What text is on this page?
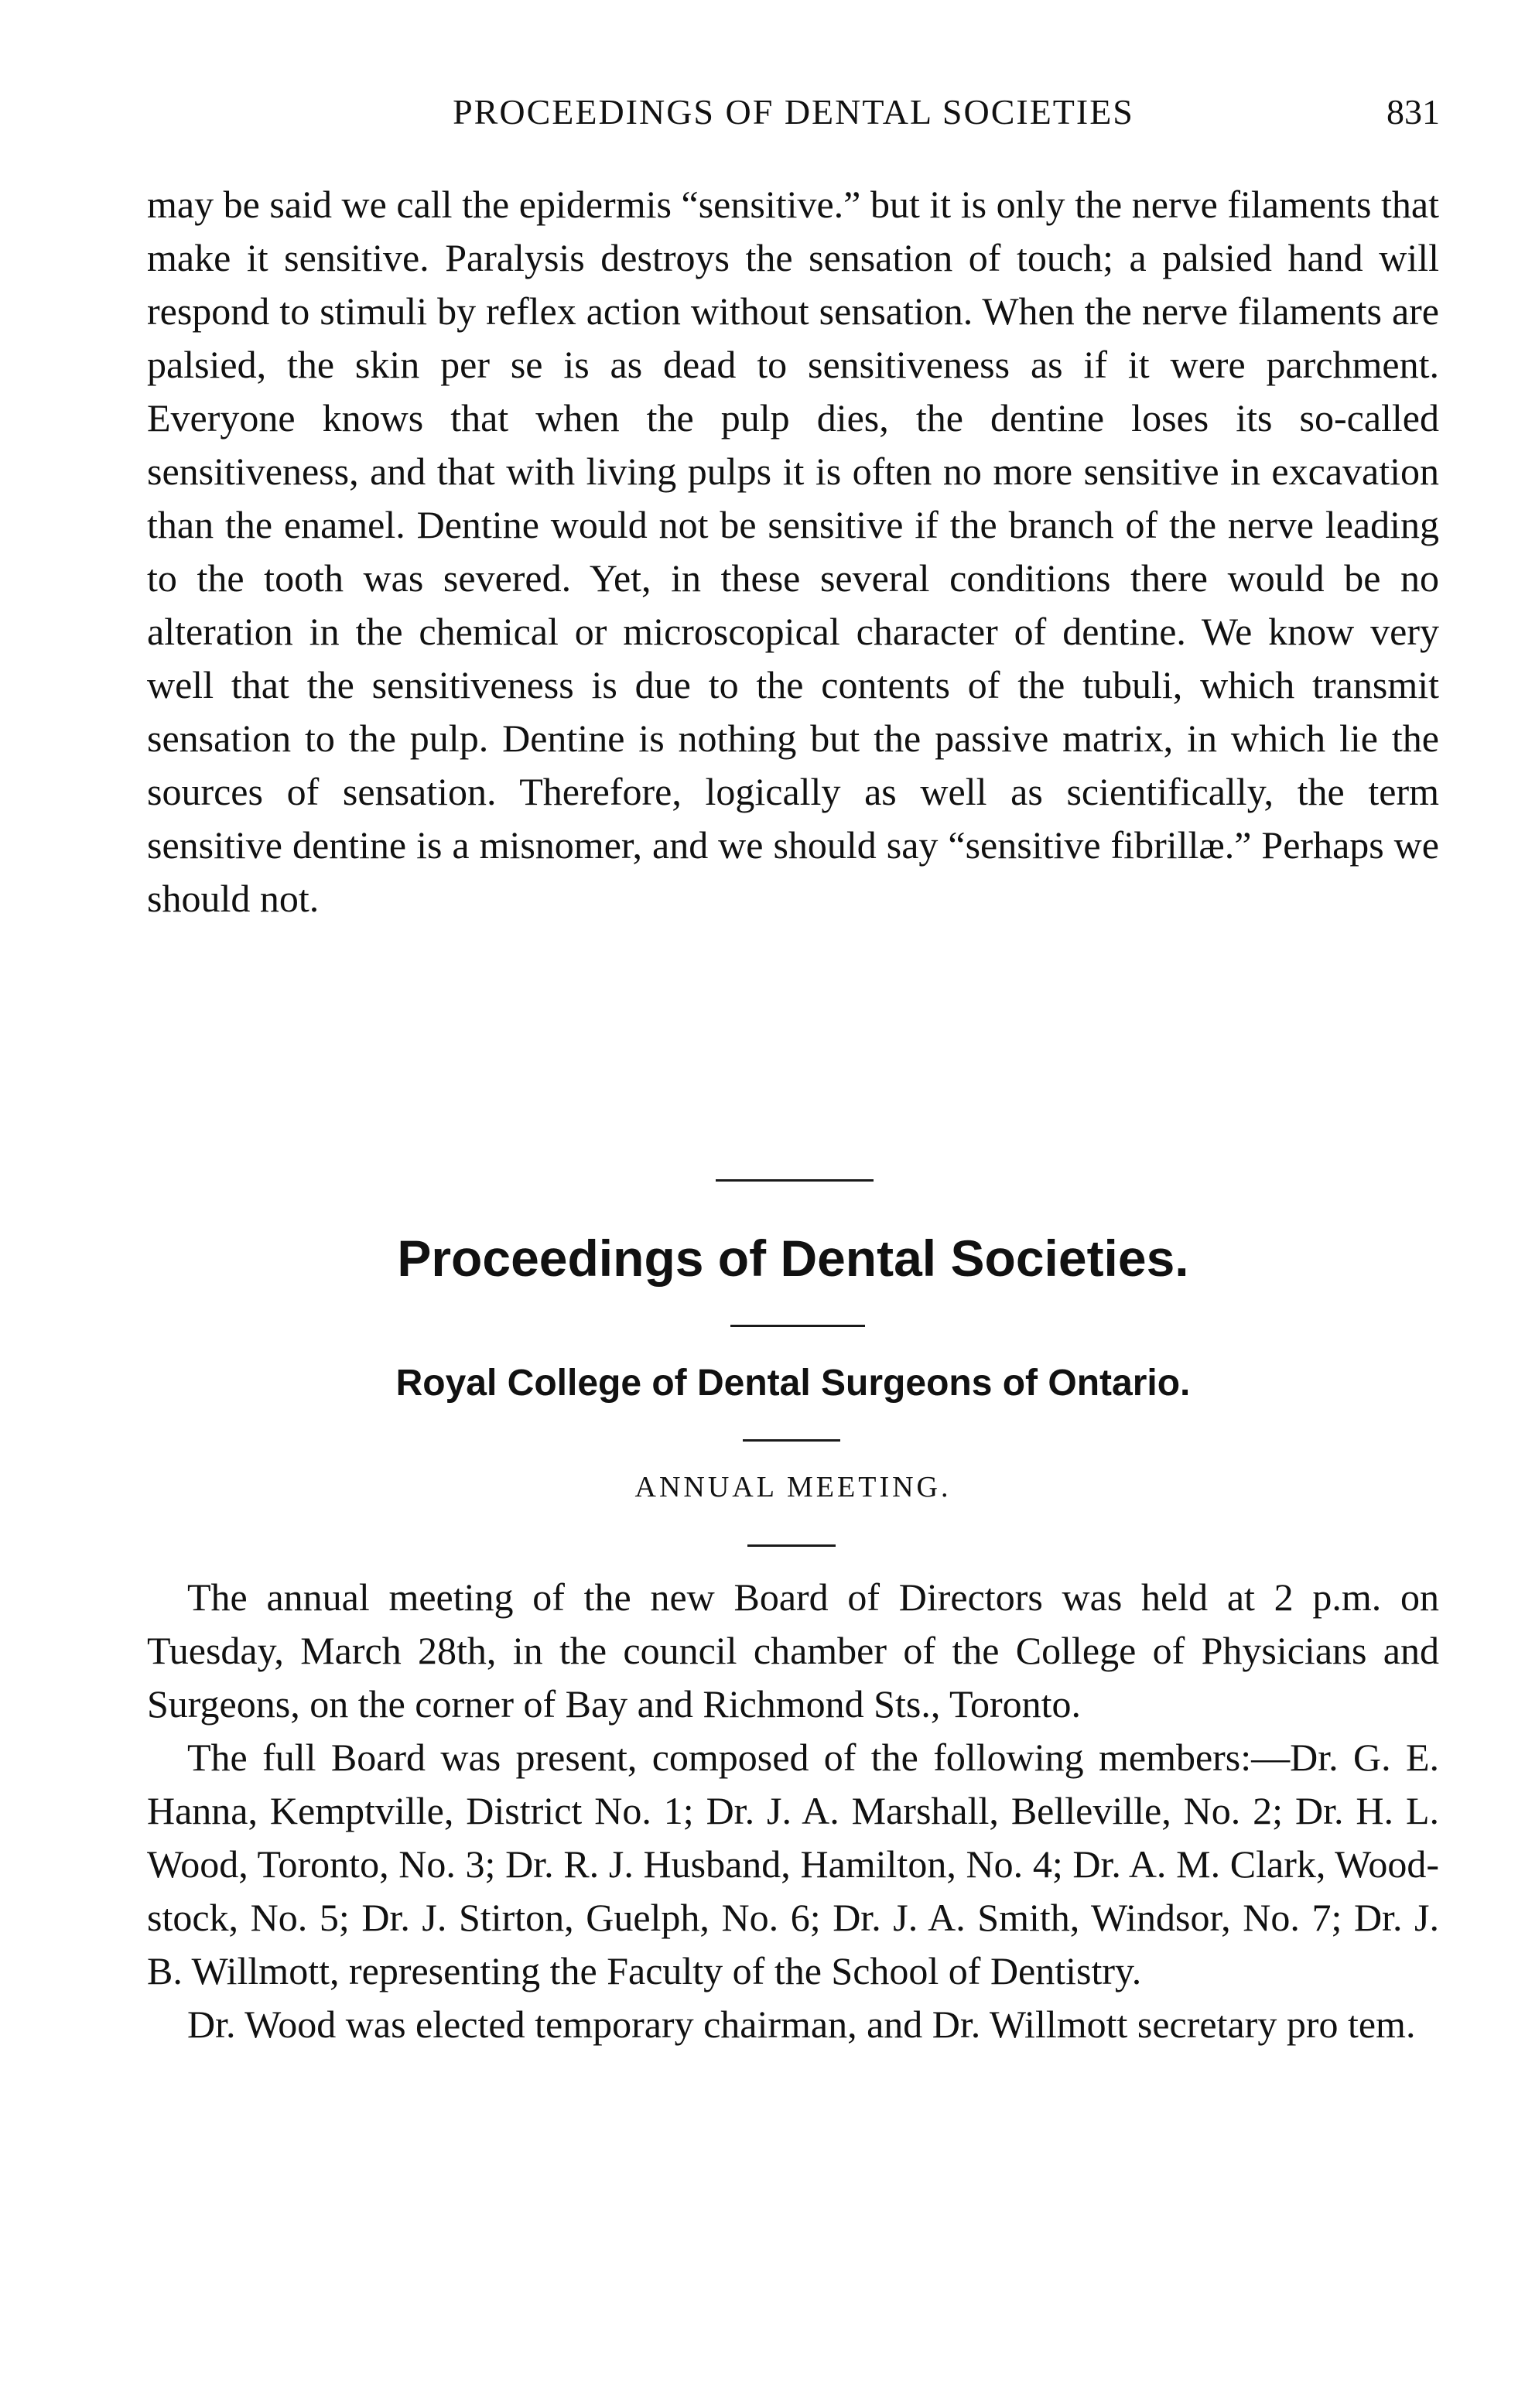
PROCEEDINGS OF DENTAL SOCIETIES	831

may be said we call the epidermis “sensitive.” but it is only the nerve filaments that make it sensitive. Paralysis destroys the sensation of touch; a palsied hand will respond to stimuli by reflex action without sensation. When the nerve filaments are palsied, the skin per se is as dead to sensitiveness as if it were parchment. Everyone knows that when the pulp dies, the dentine loses its so-called sensitiveness, and that with living pulps it is often no more sensitive in excavation than the enamel. Dentine would not be sensitive if the branch of the nerve leading to the tooth was severed. Yet, in these several conditions there would be no alteration in the chemical or microscopical character of dentine. We know very well that the sensitiveness is due to the contents of the tubuli, which transmit sensation to the pulp. Dentine is nothing but the passive matrix, in which lie the sources of sensation. Therefore, logically as well as scientifically, the term sensitive dentine is a misnomer, and we should say “sensitive fibrillæ.” Perhaps we should not.

Proceedings of Dental Societies.
Royal College of Dental Surgeons of Ontario.
ANNUAL MEETING.

The annual meeting of the new Board of Directors was held at 2 p.m. on Tuesday, March 28th, in the council chamber of the College of Physicians and Surgeons, on the corner of Bay and Richmond Sts., Toronto.

The full Board was present, composed of the following members:—Dr. G. E. Hanna, Kemptville, District No. 1; Dr. J. A. Marshall, Belleville, No. 2; Dr. H. L. Wood, Toronto, No. 3; Dr. R. J. Husband, Hamilton, No. 4; Dr. A. M. Clark, Woodstock, No. 5; Dr. J. Stirton, Guelph, No. 6; Dr. J. A. Smith, Windsor, No. 7; Dr. J. B. Willmott, representing the Faculty of the School of Dentistry.

Dr. Wood was elected temporary chairman, and Dr. Willmott secretary pro tem.
